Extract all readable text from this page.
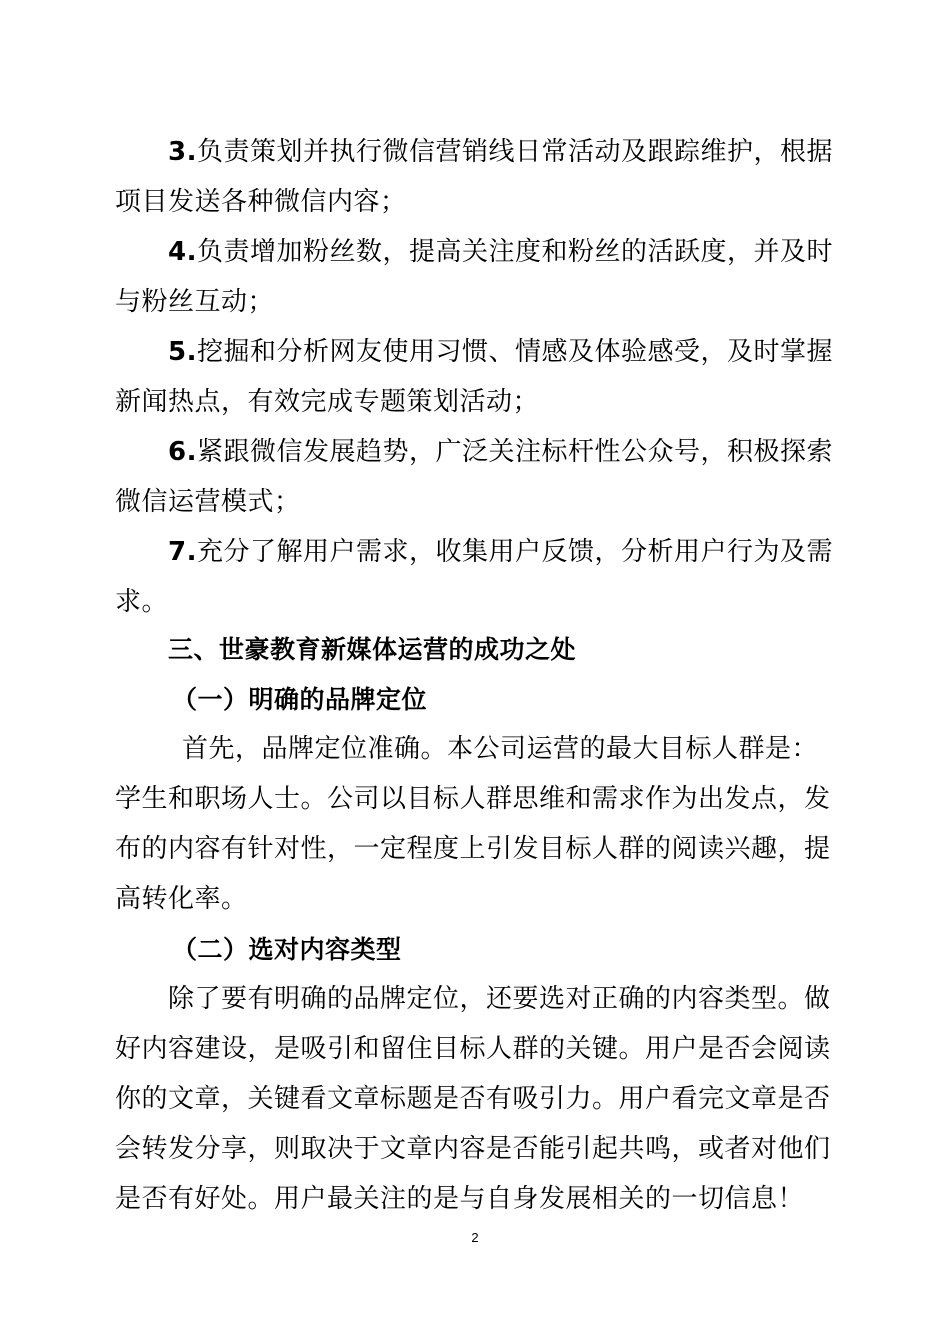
3.负责策划并执行微信营销线日常活动及跟踪维护，根据
项目发送各种微信内容；
4.负责增加粉丝数，提高关注度和粉丝的活跃度，并及时
与粉丝互动；
5.挖掘和分析网友使用习惯、情感及体验感受，及时掌握
新闻热点，有效完成专题策划活动；
6.紧跟微信发展趋势，广泛关注标杆性公众号，积极探索
微信运营模式；
7.充分了解用户需求，收集用户反馈，分析用户行为及需
求。
三、世豪教育新媒体运营的成功之处
（一）明确的品牌定位
首先，品牌定位准确。本公司运营的最大目标人群是：
学生和职场人士。公司以目标人群思维和需求作为出发点，发
布的内容有针对性，一定程度上引发目标人群的阅读兴趣，提
高转化率。
（二）选对内容类型
除了要有明确的品牌定位，还要选对正确的内容类型。做
好内容建设，是吸引和留住目标人群的关键。用户是否会阅读
你的文章，关键看文章标题是否有吸引力。用户看完文章是否
会转发分享，则取决于文章内容是否能引起共鸣，或者对他们
是否有好处。用户最关注的是与自身发展相关的一切信息！
2
